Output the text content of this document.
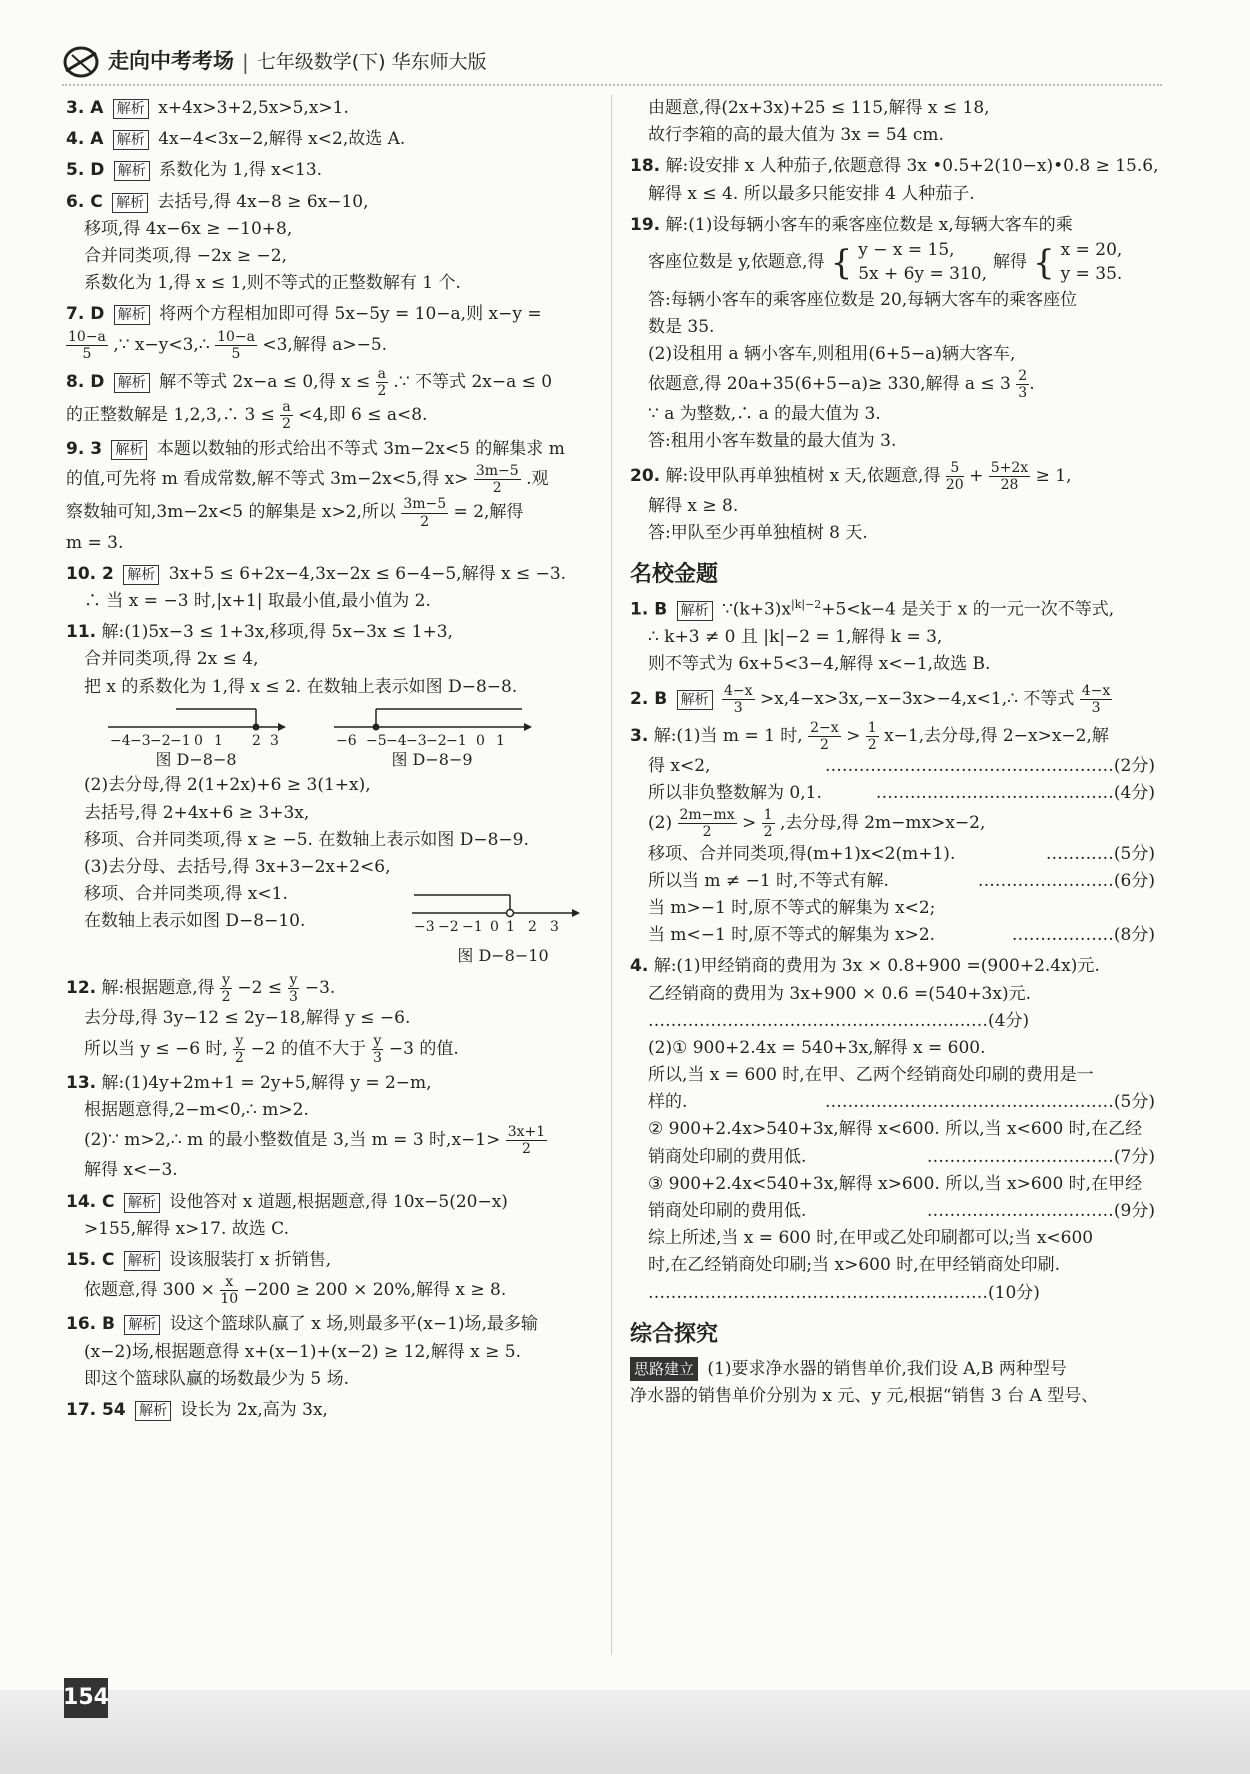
走向中考考场 | 七年级数学(下) 华东师大版
3. A 解析 x+4x>3+2,5x>5,x>1.
4. A 解析 4x−4<3x−2,解得 x<2,故选 A.
5. D 解析 系数化为 1,得 x<13.

6. C 解析 去括号,得 4x−8 ≥ 6x−10,

移项,得 4x−6x ≥ −10+8,

合并同类项,得 −2x ≥ −2,

系数化为 1,得 x ≤ 1,则不等式的正整数解有 1 个.

7. D 解析 将两个方程相加即可得 5x−5y = 10−a,则 x−y =

$\frac{10-a}{5}$ ,∵ x−y<3,∴ $\frac{10-a}{5} <3$,解得 a>−5.

8. D 解析 解不等式 2x−a ≤ 0,得 $x \le \frac{a}{2}$ .∵ 不等式 2x−a ≤ 0

的正整数解是 1,2,3,∴ $3 \le \frac{a}{2} <4$,即 6 ≤ a<8.

9. 3 解析 本题以数轴的形式给出不等式 3m−2x<5 的解集求 m

的值,可先将 m 看成常数,解不等式 3m−2x<5,得 $x> \frac{3m-5}{2}$ .观

察数轴可知,3m−2x<5 的解集是 x>2,所以 $\frac{3m-5}{2} = 2$,解得

m = 3.

10. 2 解析 3x+5 ≤ 6+2x−4,3x−2x ≤ 6−4−5,解得 x ≤ −3.

∴ 当 x = −3 时,|x+1| 取最小值,最小值为 2.

11. 解:(1)5x−3 ≤ 1+3x,移项,得 5x−3x ≤ 1+3,

合并同类项,得 2x ≤ 4,

把 x 的系数化为 1,得 x ≤ 2. 在数轴上表示如图 D−8−8.

−4 −3 −2 −1 0 1 2 3
图 D−8−8
−6 −5 −4 −3 −2 −1 0 1
图 D−8−9

(2)去分母,得 2(1+2x)+6 ≥ 3(1+x),

去括号,得 2+4x+6 ≥ 3+3x,

移项、合并同类项,得 x ≥ −5. 在数轴上表示如图 D−8−9.

(3)去分母、去括号,得 3x+3−2x+2<6,

移项、合并同类项,得 x<1.

在数轴上表示如图 D−8−10.	−3 −2 −1 0 1 2 3
图 D−8−10

12. 解:根据题意,得 $\frac{y}{2} -2 \le \frac{y}{3} -3$.

去分母,得 3y−12 ≤ 2y−18,解得 y ≤ −6.

所以当 y ≤ −6 时, $\frac{y}{2} -2$ 的值不大于 $\frac{y}{3} -3$ 的值.

13. 解:(1)4y+2m+1 = 2y+5,解得 y = 2−m,

根据题意得,2−m<0,∴ m>2.

(2)∵ m>2,∴ m 的最小整数值是 3,当 m = 3 时$,x-1> \frac{3x+1}{2}$

解得 x<−3.

14. C 解析 设他答对 x 道题,根据题意,得 10x−5(20−x)

>155,解得 x>17. 故选 C.

15. C 解析 设该服装打 x 折销售,

依题意,得 $300 \times \frac{x}{10} -200 \ge 200 \times 20\%$,解得 x ≥ 8.

16. B 解析 设这个篮球队赢了 x 场,则最多平(x−1)场,最多输

(x−2)场,根据题意得 x+(x−1)+(x−2) ≥ 12,解得 x ≥ 5.

即这个篮球队赢的场数最少为 5 场.

17. 54 解析 设长为 2x,高为 3x,

由题意,得(2x+3x)+25 ≤ 115,解得 x ≤ 18,

故行李箱的高的最大值为 3x = 54 cm.

18. 解:设安排 x 人种茄子,依题意得 3x •0.5+2(10−x)•0.8 ≥ 15.6,

解得 x ≤ 4. 所以最多只能安排 4 人种茄子.

19. 解:(1)设每辆小客车的乘客座位数是 x,每辆大客车的乘

客座位数是 y,依题意,得 { y − x = 15,
5x + 6y = 310,
解得 { x = 20,
y = 35.

答:每辆小客车的乘客座位数是 20,每辆大客车的乘客座位

数是 35.

(2)设租用 a 辆小客车,则租用(6+5−a)辆大客车,

依题意,得 20a+35(6+5−a)≥ 330,解得 $a \le 3 \frac{2}{3}$ .

∵ a 为整数,∴ a 的最大值为 3.

答:租用小客车数量的最大值为 3.

20. 解:设甲队再单独植树 x 天,依题意,得 $\frac{5}{20} + \frac{5+2x}{28} \ge 1$,

解得 x ≥ 8.

答:甲队至少再单独植树 8 天.

名校金题

1. B 解析 $\because(k+3)x^{|k|-2}+5<k-4$ 是关于 x 的一元一次不等式,

∴ k+3 ≠ 0 且 |k|−2 = 1,解得 k = 3,

则不等式为 6x+5<3−4,解得 x<−1,故选 B.

2. B 解析 $\frac{4-x}{3}$ >x,4−x>3x,−x−3x>−4,x<1,∴ 不等式 $\frac{4-x}{3}$

3. 解:(1)当 m = 1 时, $\frac{2-x}{2} > \frac{1}{2} x-1$,去分母,得 2−x>x−2,解

得 x<2,	……………………………………………(2分)

所以非负整数解为 0,1.	……………………………………(4分)

$(2) \frac{2m-mx}{2} > \frac{1}{2}$ ,去分母,得 2m−mx>x−2,

移项、合并同类项,得(m+1)x<2(m+1).	…………(5分)

所以当 m ≠ −1 时,不等式有解.	……………………(6分)

当 m>−1 时,原不等式的解集为 x<2;

当 m<−1 时,原不等式的解集为 x>2.	………………(8分)

4. 解:(1)甲经销商的费用为 3x × 0.8+900 =(900+2.4x)元.

乙经销商的费用为 3x+900 × 0.6 =(540+3x)元.

……………………………………………………(4分)

(2)① 900+2.4x = 540+3x,解得 x = 600.

所以,当 x = 600 时,在甲、乙两个经销商处印刷的费用是一

样的.	……………………………………………(5分)

② 900+2.4x>540+3x,解得 x<600. 所以,当 x<600 时,在乙经

销商处印刷的费用低.	……………………………(7分)

③ 900+2.4x<540+3x,解得 x>600. 所以,当 x>600 时,在甲经

销商处印刷的费用低.	……………………………(9分)

综上所述,当 x = 600 时,在甲或乙处印刷都可以;当 x<600

时,在乙经销商处印刷;当 x>600 时,在甲经销商处印刷.

……………………………………………………(10分)

综合探究

思路建立 (1)要求净水器的销售单价,我们设 A,B 两种型号

净水器的销售单价分别为 x 元、y 元,根据“销售 3 台 A 型号、

154
